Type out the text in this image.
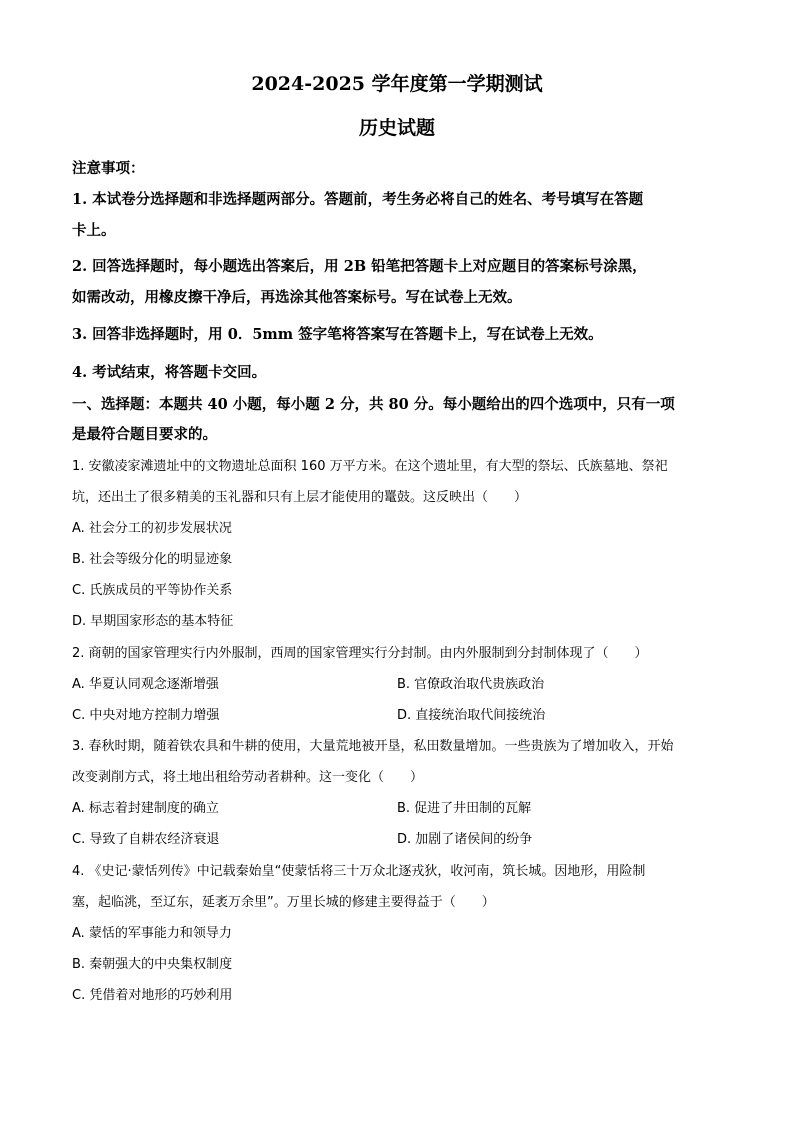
2024-2025 学年度第一学期测试
历史试题
注意事项：
1. 本试卷分选择题和非选择题两部分。答题前，考生务必将自己的姓名、考号填写在答题
卡上。
2. 回答选择题时，每小题选出答案后，用 2B 铅笔把答题卡上对应题目的答案标号涂黑，
如需改动，用橡皮擦干净后，再选涂其他答案标号。写在试卷上无效。
3. 回答非选择题时，用 0．5mm 签字笔将答案写在答题卡上，写在试卷上无效。
4. 考试结束，将答题卡交回。
一、选择题：本题共 40 小题，每小题 2 分，共 80 分。每小题给出的四个选项中，只有一项
是最符合题目要求的。
1. 安徽凌家滩遗址中的文物遗址总面积 160 万平方米。在这个遗址里，有大型的祭坛、氏族墓地、祭祀
坑，还出土了很多精美的玉礼器和只有上层才能使用的鼍鼓。这反映出（　　）
A. 社会分工的初步发展状况
B. 社会等级分化的明显迹象
C. 氏族成员的平等协作关系
D. 早期国家形态的基本特征
2. 商朝的国家管理实行内外服制，西周的国家管理实行分封制。由内外服制到分封制体现了（　　）
A. 华夏认同观念逐渐增强	B. 官僚政治取代贵族政治
C. 中央对地方控制力增强	D. 直接统治取代间接统治
3. 春秋时期，随着铁农具和牛耕的使用，大量荒地被开垦，私田数量增加。一些贵族为了增加收入，开始
改变剥削方式，将土地出租给劳动者耕种。这一变化（　　）
A. 标志着封建制度的确立	B. 促进了井田制的瓦解
C. 导致了自耕农经济衰退	D. 加剧了诸侯间的纷争
4. 《史记·蒙恬列传》中记载秦始皇“使蒙恬将三十万众北逐戎狄，收河南，筑长城。因地形，用险制
塞，起临洮，至辽东，延袤万余里”。万里长城的修建主要得益于（　　）
A. 蒙恬的军事能力和领导力
B. 秦朝强大的中央集权制度
C. 凭借着对地形的巧妙利用
